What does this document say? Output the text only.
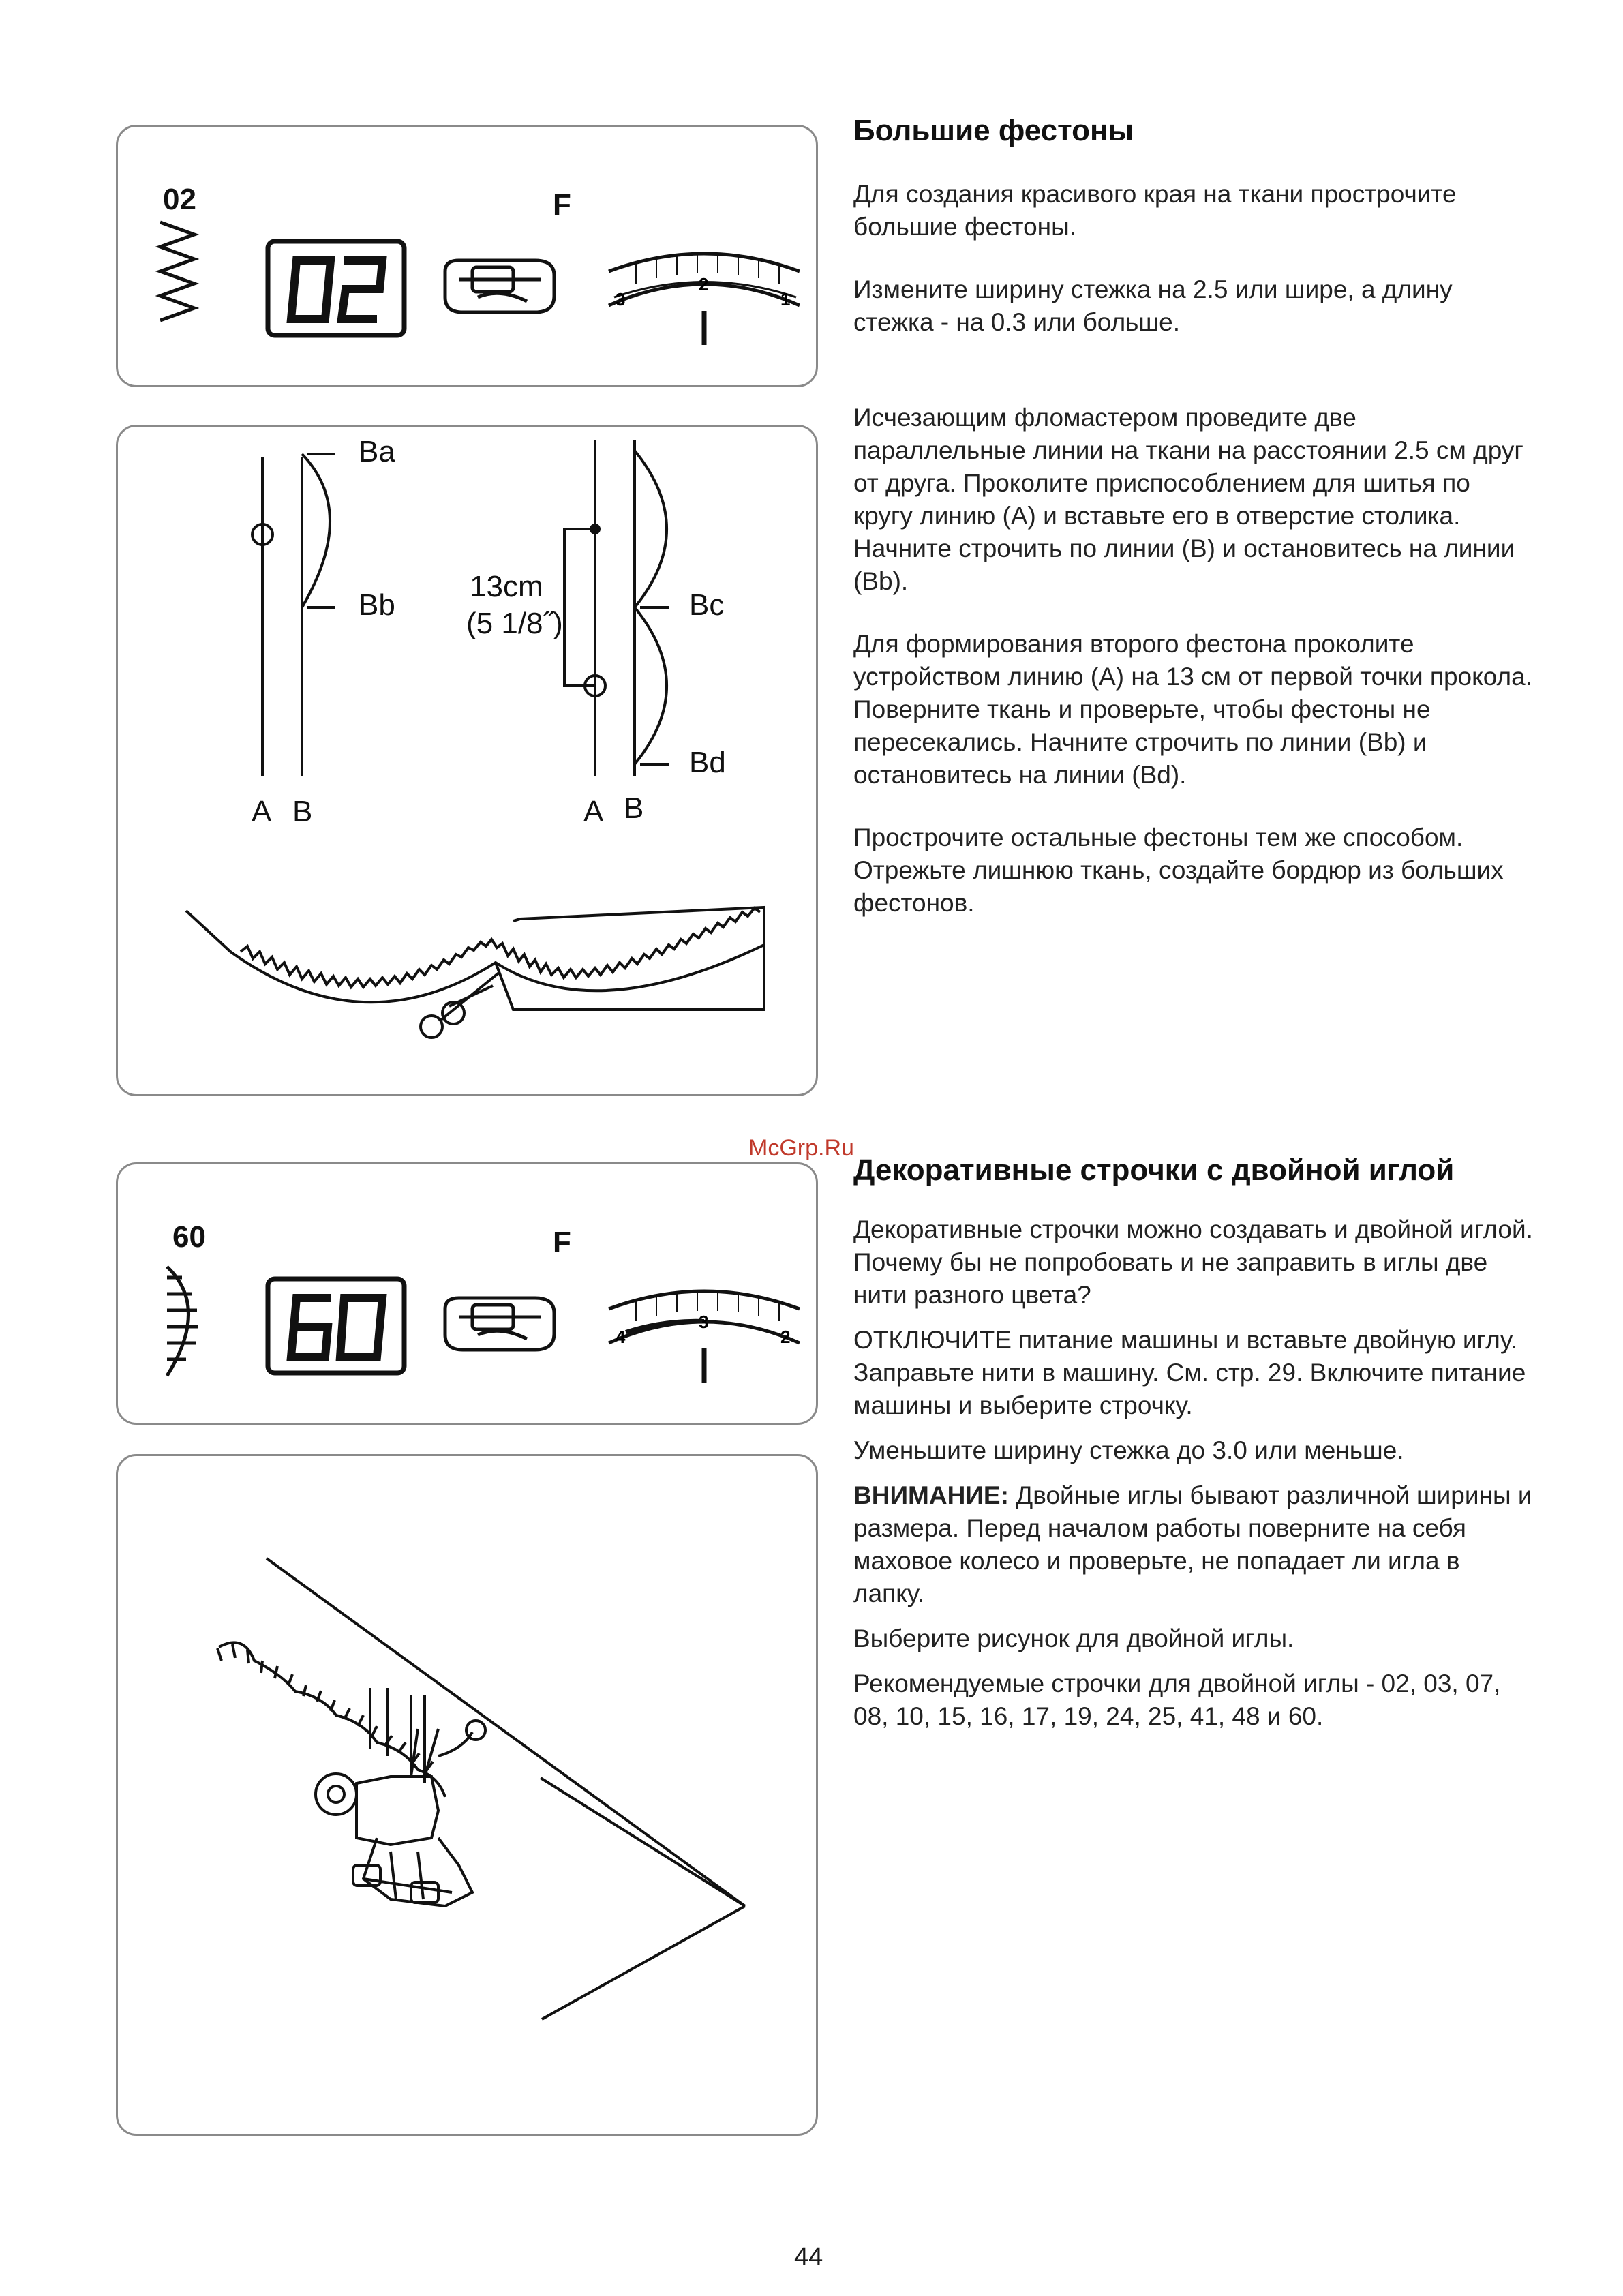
02	F
3
2
1
Ba
Bb	Bc
Bd
A B	A B
13cm
(5 1/8˝)
Большие фестоны

Для создания красивого края на ткани прострочите большие фестоны.

Измените ширину стежка на 2.5 или шире, а длину стежка - на 0.3 или больше.

Исчезающим фломастером проведите две параллельные линии на ткани на расстоянии 2.5 см друг от друга. Проколите приспособлением для шитья по кругу линию (A) и вставьте его в отверстие столика. Начните строчить по линии (B) и остановитесь на линии (Bb).

Для формирования второго фестона проколите устройством линию (A) на 13 см от первой точки прокола. Поверните ткань и проверьте, чтобы фестоны не пересекались. Начните строчить по линии (Bb) и остановитесь на линии (Bd).

Прострочите остальные фестоны тем же способом. Отрежьте лишнюю ткань, создайте бордюр из больших фестонов.

McGrp.Ru
60	F
4
3
2
Декоративные строчки с двойной иглой

Декоративные строчки можно создавать и двойной иглой. Почему бы не попробовать и не заправить в иглы две нити разного цвета?

ОТКЛЮЧИТЕ питание машины и вставьте двойную иглу. Заправьте нити в машину. См. стр. 29. Включите питание машины и выберите строчку.

Уменьшите ширину стежка до 3.0 или меньше.

ВНИМАНИЕ: Двойные иглы бывают различной ширины и размера. Перед началом работы поверните на себя маховое колесо и проверьте, не попадает ли игла в лапку.

Выберите рисунок для двойной иглы.

Рекомендуемые строчки для двойной иглы - 02, 03, 07, 08, 10, 15, 16, 17, 19, 24, 25, 41, 48 и 60.

44
